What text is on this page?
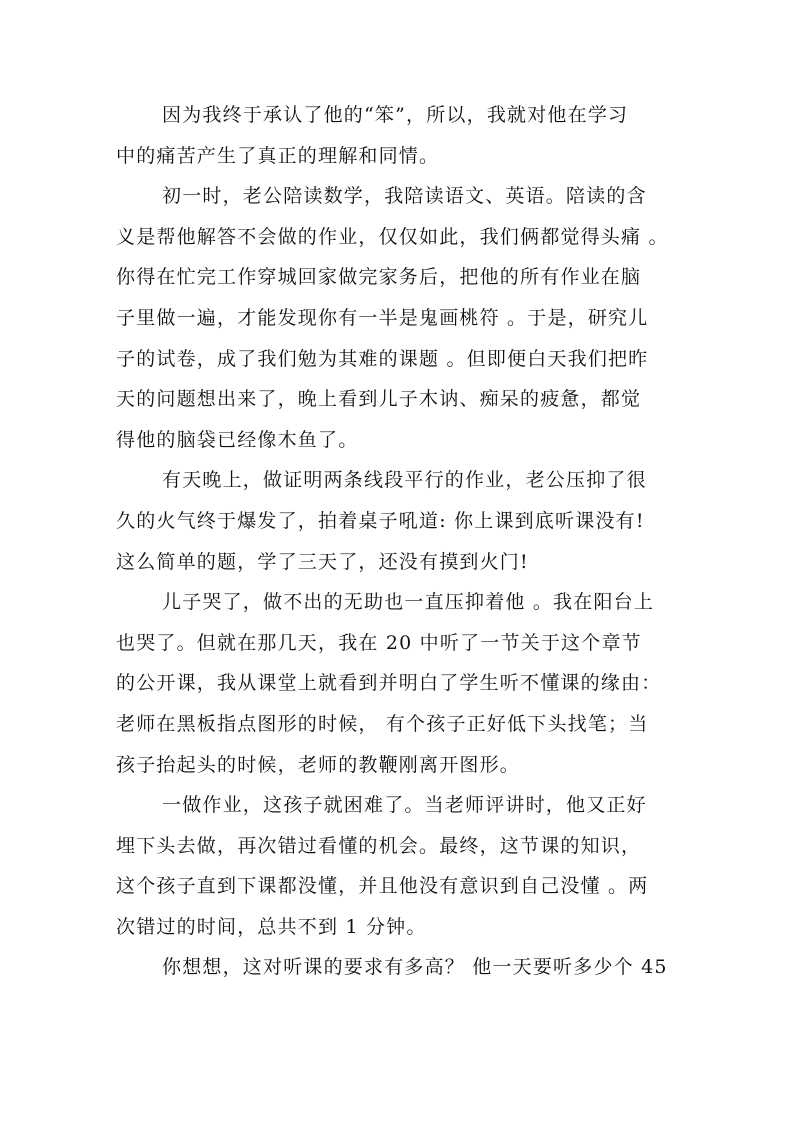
因为我终于承认了他的“笨”，所以，我就对他在学习
中的痛苦产生了真正的理解和同情。
初一时，老公陪读数学，我陪读语文、英语。陪读的含
义是帮他解答不会做的作业，仅仅如此，我们俩都觉得头痛 。
你得在忙完工作穿城回家做完家务后，把他的所有作业在脑
子里做一遍，才能发现你有一半是鬼画桃符 。于是，研究儿
子的试卷，成了我们勉为其难的课题 。但即便白天我们把昨
天的问题想出来了，晚上看到儿子木讷、痴呆的疲惫，都觉
得他的脑袋已经像木鱼了。
有天晚上，做证明两条线段平行的作业，老公压抑了很
久的火气终于爆发了，拍着桌子吼道: 你上课到底听课没有!
这么简单的题，学了三天了，还没有摸到火门!
儿子哭了，做不出的无助也一直压抑着他 。我在阳台上
也哭了。但就在那几天，我在 20 中听了一节关于这个章节
的公开课，我从课堂上就看到并明白了学生听不懂课的缘由：
老师在黑板指点图形的时候， 有个孩子正好低下头找笔；当
孩子抬起头的时候，老师的教鞭刚离开图形。
一做作业，这孩子就困难了。当老师评讲时，他又正好
埋下头去做，再次错过看懂的机会。最终，这节课的知识，
这个孩子直到下课都没懂，并且他没有意识到自己没懂 。两
次错过的时间，总共不到 1 分钟。
你想想，这对听课的要求有多高？ 他一天要听多少个 45
